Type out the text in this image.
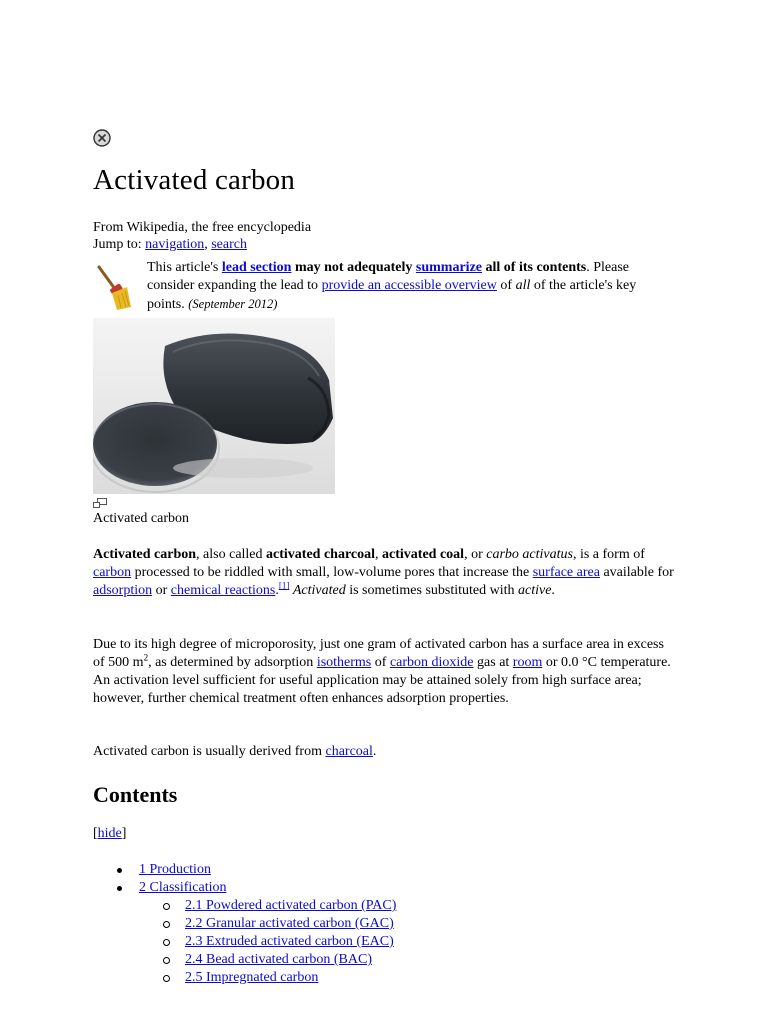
Activated carbon
From Wikipedia, the free encyclopedia
Jump to: navigation, search
This article's lead section may not adequately summarize all of its contents. Please consider expanding the lead to provide an accessible overview of all of the article's key points. (September 2012)
Activated carbon

Activated carbon, also called activated charcoal, activated coal, or carbo activatus, is a form of carbon processed to be riddled with small, low-volume pores that increase the surface area available for adsorption or chemical reactions.[1] Activated is sometimes substituted with active.

Due to its high degree of microporosity, just one gram of activated carbon has a surface area in excess of 500 $m^2$, as determined by adsorption isotherms of carbon dioxide gas at room or 0.0 °C temperature. An activation level sufficient for useful application may be attained solely from high surface area; however, further chemical treatment often enhances adsorption properties.

Activated carbon is usually derived from charcoal.

Contents
[hide]
1 Production
2 Classification
2.1 Powdered activated carbon (PAC)
2.2 Granular activated carbon (GAC)
2.3 Extruded activated carbon (EAC)
2.4 Bead activated carbon (BAC)
2.5 Impregnated carbon
